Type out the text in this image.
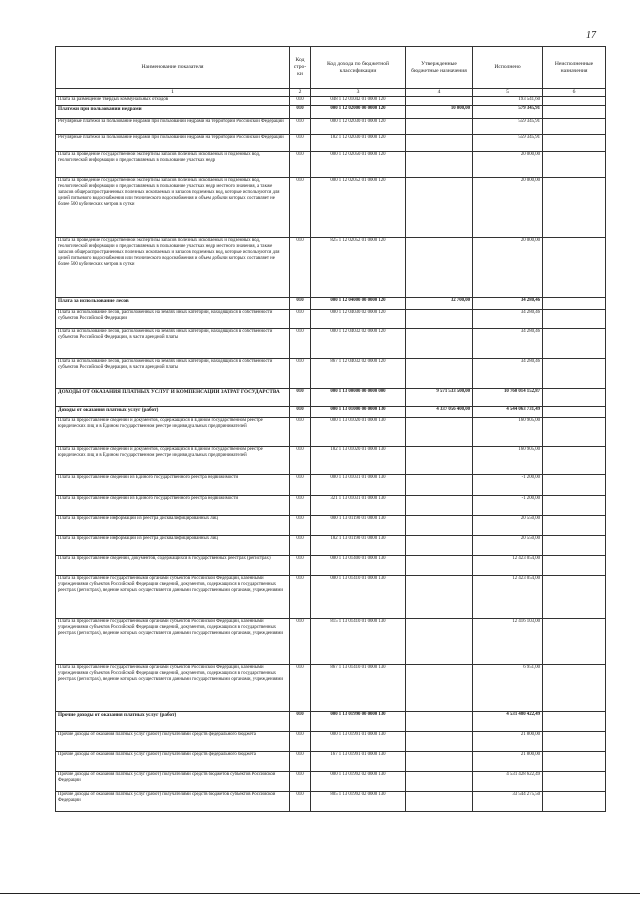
17
Наименование показателя	Код стро-ки	Код дохода по бюджетной классификации	Утвержденные бюджетные назначения	Исполнено	Неисполненные назначения
1	2	3	4	5	6
Плата за размещение твердых коммунальных отходов	010	048 1 12 01042 01 0000 120		193 541,60	
Платежи при пользовании недрами	010	000 1 12 02000 00 0000 120	10 000,00	579 345,91	
Регулярные платежи за пользование недрами при пользовании недрами на территории Российской Федерации	010	000 1 12 02030 01 0000 120		559 345,91	
Регулярные платежи за пользование недрами при пользовании недрами на территории Российской Федерации	010	182 1 12 02030 01 0000 120		559 345,91	
Плата за проведение государственной экспертизы запасов полезных ископаемых и подземных вод, геологической информации о предоставляемых в пользование участках недр	010	000 1 12 02050 01 0000 120		20 000,00	
Плата за проведение государственной экспертизы запасов полезных ископаемых и подземных вод, геологической информации о предоставляемых в пользование участках недр местного значения, а также запасов общераспространенных полезных ископаемых и запасов подземных вод, которые используются для целей питьевого водоснабжения или технического водоснабжения и объем добычи которых составляет не более 500 кубических метров в сутки	010	000 1 12 02052 01 0000 120		20 000,00	
Плата за проведение государственной экспертизы запасов полезных ископаемых и подземных вод, геологической информации о предоставляемых в пользование участках недр местного значения, а также запасов общераспространенных полезных ископаемых и запасов подземных вод, которые используются для целей питьевого водоснабжения или технического водоснабжения и объем добычи которых составляет не более 500 кубических метров в сутки	010	825 1 12 02052 01 0000 120		20 000,00	
Плата за использование лесов	010	000 1 12 04000 00 0000 120	32 700,00	34 280,46	
Плата за использование лесов, расположенных на землях иных категорий, находящихся в собственности субъектов Российской Федерации	010	000 1 12 04030 02 0000 120		34 280,46	
Плата за использование лесов, расположенных на землях иных категорий, находящихся в собственности субъектов Российской Федерации, в части арендной платы	010	000 1 12 04032 02 0000 120		34 280,46	
Плата за использование лесов, расположенных на землях иных категорий, находящихся в собственности субъектов Российской Федерации, в части арендной платы	010	867 1 12 04032 02 0000 120		34 280,46	
ДОХОДЫ ОТ ОКАЗАНИЯ ПЛАТНЫХ УСЛУГ И КОМПЕНСАЦИИ ЗАТРАТ ГОСУДАРСТВА	010	000 1 13 00000 00 0000 000	9 571 533 500,00	10 760 014 152,87	
Доходы от оказания платных услуг (работ)	010	000 1 13 01000 00 0000 130	4 337 056 400,00	4 544 063 731,49	
Плата за предоставление сведений и документов, содержащихся в Едином государственном реестре юридических лиц и в Едином государственном реестре индивидуальных предпринимателей	010	000 1 13 01020 01 0000 130		160 905,00	
Плата за предоставление сведений и документов, содержащихся в Едином государственном реестре юридических лиц и в Едином государственном реестре индивидуальных предпринимателей	010	182 1 13 01020 01 0000 130		160 905,00	
Плата за предоставление сведений из Единого государственного реестра недвижимости	010	000 1 13 01031 01 0000 130		-1 200,00	
Плата за предоставление сведений из Единого государственного реестра недвижимости	010	321 1 13 01031 01 0000 130		-1 200,00	
Плата за предоставление информации из реестра дисквалифицированных лиц	010	000 1 13 01190 01 0000 130		20 550,00	
Плата за предоставление информации из реестра дисквалифицированных лиц	010	182 1 13 01190 01 0000 130		20 550,00	
Плата за предоставление сведений, документов, содержащихся в государственных реестрах (регистрах)	010	000 1 13 01400 01 0000 130		12 423 054,00	
Плата за предоставление государственными органами субъектов Российской Федерации, казенными учреждениями субъектов Российской Федерации сведений, документов, содержащихся в государственных реестрах (регистрах), ведение которых осуществляется данными государственными органами, учреждениями	010	000 1 13 01410 01 0000 130		12 423 054,00	
Плата за предоставление государственными органами субъектов Российской Федерации, казенными учреждениями субъектов Российской Федерации сведений, документов, содержащихся в государственных реестрах (регистрах), ведение которых осуществляется данными государственными органами, учреждениями	010	815 1 13 01410 01 0000 130		12 416 103,00	
Плата за предоставление государственными органами субъектов Российской Федерации, казенными учреждениями субъектов Российской Федерации сведений, документов, содержащихся в государственных реестрах (регистрах), ведение которых осуществляется данными государственными органами, учреждениями	010	867 1 13 01410 01 0000 130		6 951,00	
Прочие доходы от оказания платных услуг (работ)	010	000 1 13 01990 00 0000 130		4 531 480 422,49	
Прочие доходы от оказания платных услуг (работ) получателями средств федерального бюджета	010	000 1 13 01991 01 0000 130		21 800,00	
Прочие доходы от оказания платных услуг (работ) получателями средств федерального бюджета	010	167 1 13 01991 01 0000 130		21 800,00	
Прочие доходы от оказания платных услуг (работ) получателями средств бюджетов субъектов Российской Федерации	010	000 1 13 01992 02 0000 130		4 531 428 622,49	
Прочие доходы от оказания платных услуг (работ) получателями средств бюджетов субъектов Российской Федерации	010	805 1 13 01992 02 0000 130		33 544 275,50	
